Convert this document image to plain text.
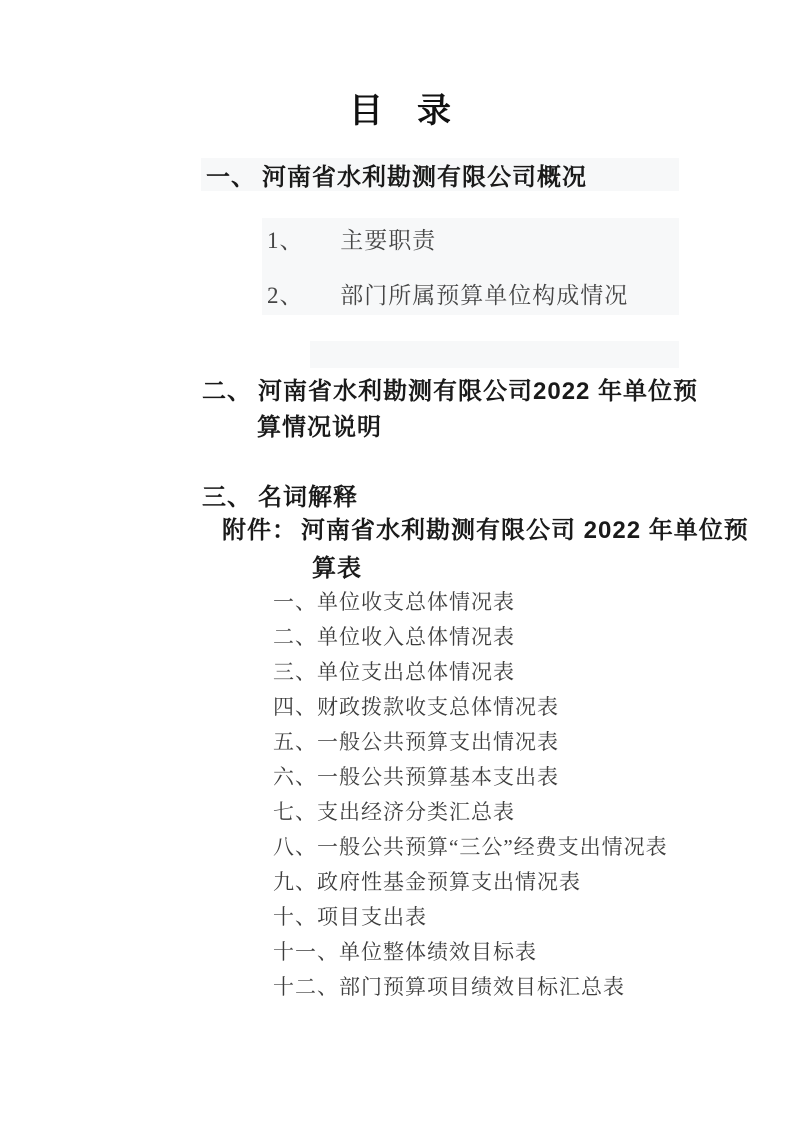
目　录
一、 河南省水利勘测有限公司概况
1、 主要职责
2、 部门所属预算单位构成情况
二、 河南省水利勘测有限公司2022 年单位预
算情况说明
三、 名词解释
附件： 河南省水利勘测有限公司 2022 年单位预
算表
一、单位收支总体情况表
二、单位收入总体情况表
三、单位支出总体情况表
四、财政拨款收支总体情况表
五、一般公共预算支出情况表
六、一般公共预算基本支出表
七、支出经济分类汇总表
八、一般公共预算“三公”经费支出情况表
九、政府性基金预算支出情况表
十、项目支出表
十一、单位整体绩效目标表
十二、部门预算项目绩效目标汇总表
